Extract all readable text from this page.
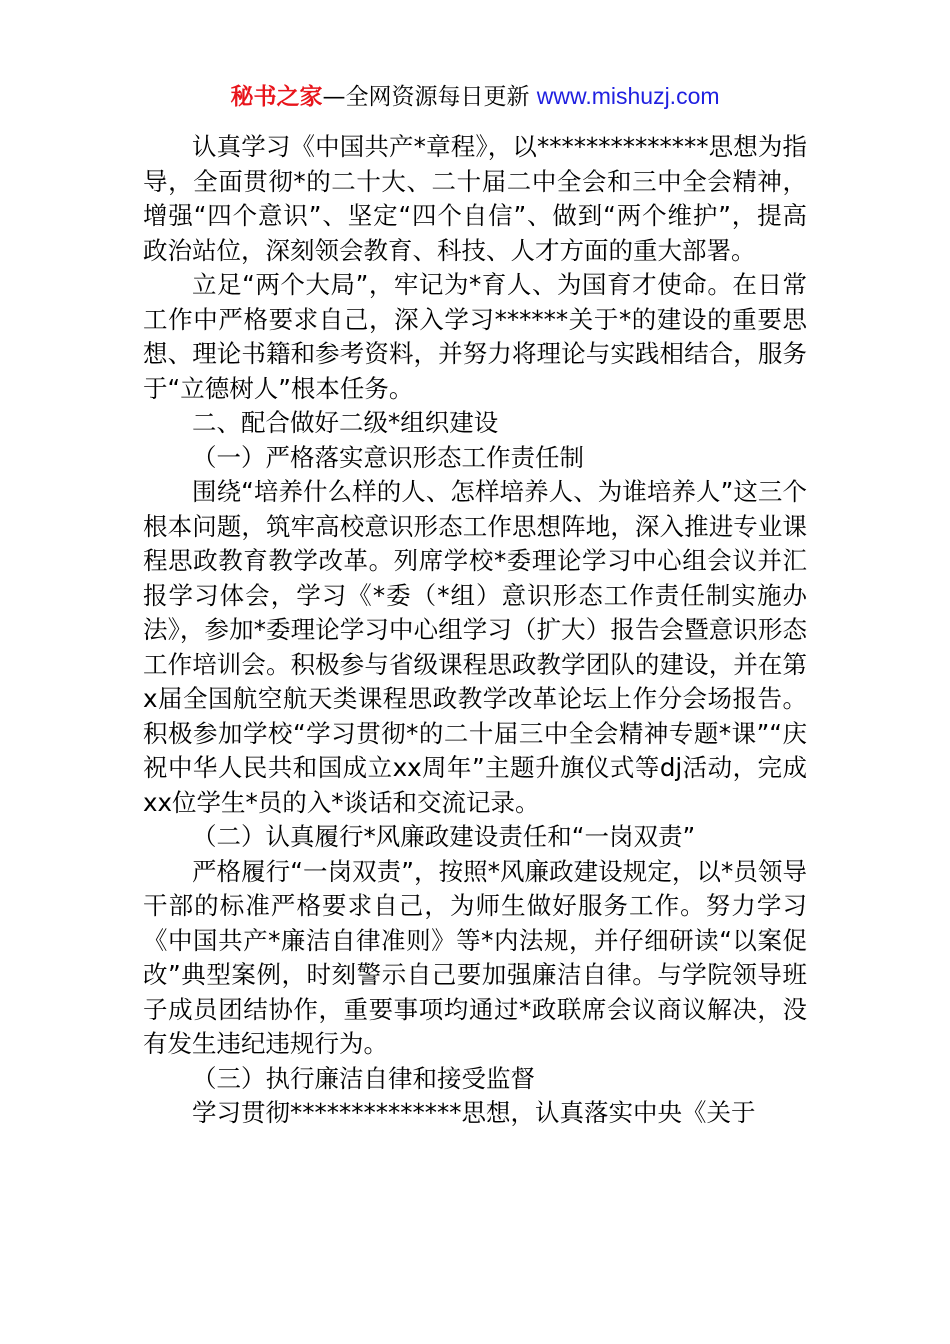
秘书之家—全网资源每日更新 www.mishuzj.com

认真学习《中国共产*章程》，以**************思想为指导，全面贯彻*的二十大、二十届二中全会和三中全会精神，增强“四个意识”、坚定“四个自信”、做到“两个维护”，提高政治站位，深刻领会教育、科技、人才方面的重大部署。

立足“两个大局”，牢记为*育人、为国育才使命。在日常工作中严格要求自己，深入学习******关于*的建设的重要思想、理论书籍和参考资料，并努力将理论与实践相结合，服务于“立德树人”根本任务。

二、配合做好二级*组织建设

（一）严格落实意识形态工作责任制

围绕“培养什么样的人、怎样培养人、为谁培养人”这三个根本问题，筑牢高校意识形态工作思想阵地，深入推进专业课程思政教育教学改革。列席学校*委理论学习中心组会议并汇报学习体会，学习《*委（*组）意识形态工作责任制实施办法》，参加*委理论学习中心组学习（扩大）报告会暨意识形态工作培训会。积极参与省级课程思政教学团队的建设，并在第x届全国航空航天类课程思政教学改革论坛上作分会场报告。积极参加学校“学习贯彻*的二十届三中全会精神专题*课”“庆祝中华人民共和国成立xx周年”主题升旗仪式等dj活动，完成xx位学生*员的入*谈话和交流记录。

（二）认真履行*风廉政建设责任和“一岗双责”

严格履行“一岗双责”，按照*风廉政建设规定，以*员领导干部的标准严格要求自己，为师生做好服务工作。努力学习《中国共产*廉洁自律准则》等*内法规，并仔细研读“以案促改”典型案例，时刻警示自己要加强廉洁自律。与学院领导班子成员团结协作，重要事项均通过*政联席会议商议解决，没有发生违纪违规行为。

（三）执行廉洁自律和接受监督

学习贯彻**************思想，认真落实中央《关于
